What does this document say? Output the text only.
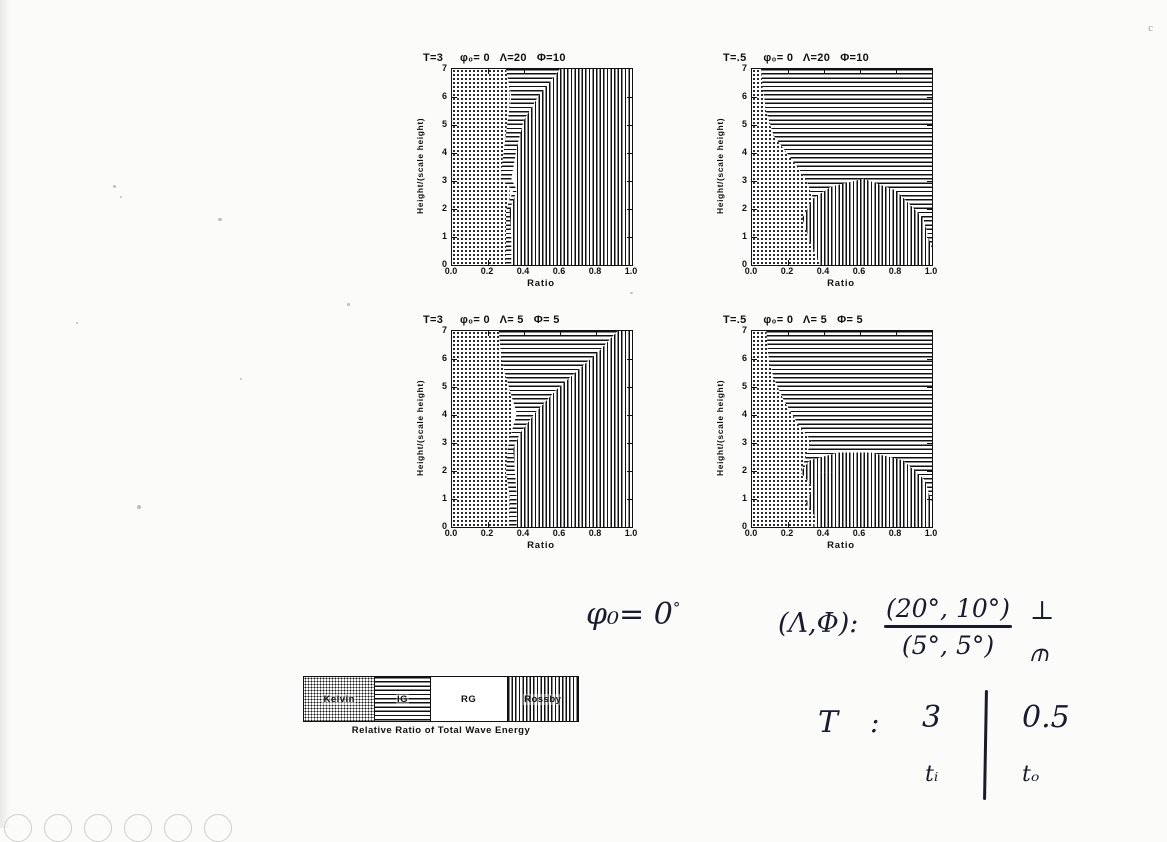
c
T=3 φ₀= 0 Λ=20 Φ=10
Height/(scale height)
0
1
2
3
4
5
6
7
0.0	0.2	0.4	0.6	0.8	1.0
Ratio
T=.5 φ₀= 0 Λ=20 Φ=10
Height/(scale height)
0
1
2
3
4
5
6
7
0.0	0.2	0.4	0.6	0.8	1.0
Ratio
T=3 φ₀= 0 Λ= 5 Φ= 5
Height/(scale height)
0
1
2
3
4
5
6
7
0.0	0.2	0.4	0.6	0.8	1.0
Ratio
T=.5 φ₀= 0 Λ= 5 Φ= 5
Height/(scale height)
0
1
2
3
4
5
6
7
0.0	0.2	0.4	0.6	0.8	1.0
Ratio
Kelvin	IG	RG	Rossby
Relative Ratio of Total Wave Energy
φ₀= 0°	(Λ,Φ):	(20°, 10°)
(5°, 5°)
⊥
⫙
T : 3	0.5
tᵢ	tₒ
